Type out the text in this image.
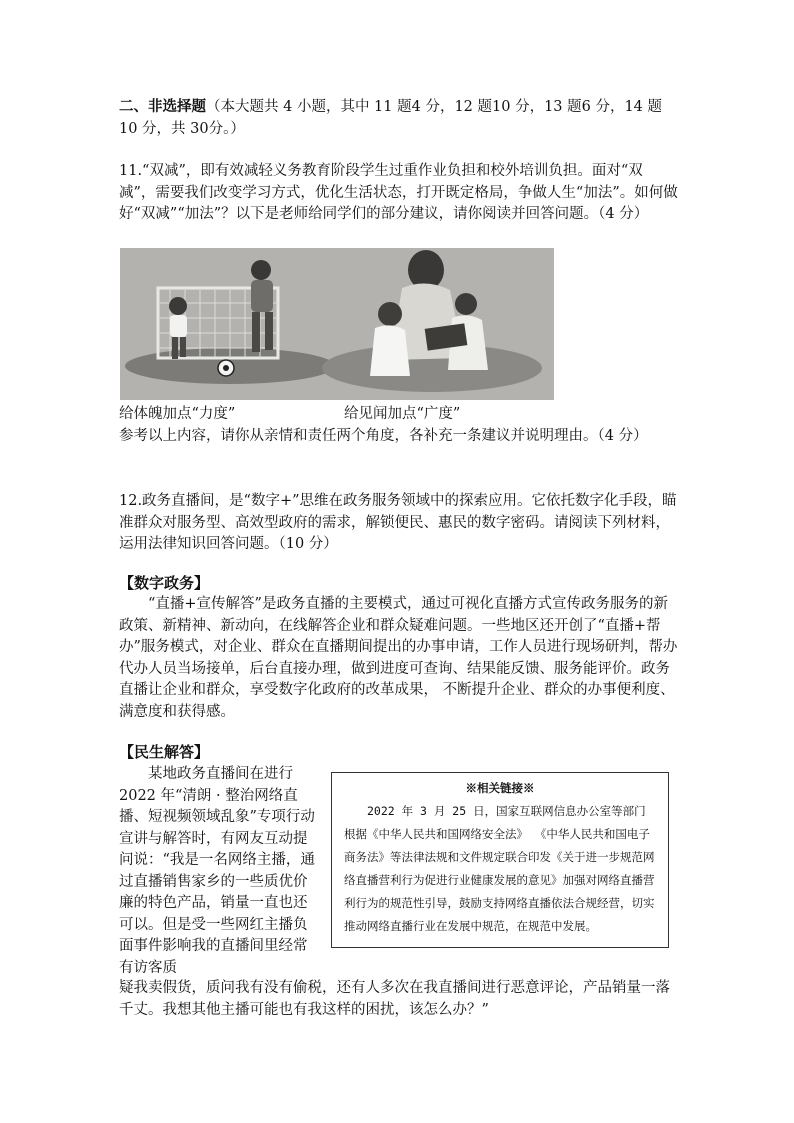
二、非选择题（本大题共 4 小题，其中 11 题4 分，12 题10 分，13 题6 分，14 题 10 分，共 30分。）

11.“双减”，即有效减轻义务教育阶段学生过重作业负担和校外培训负担。面对“双减”，需要我们改变学习方式，优化生活状态，打开既定格局，争做人生“加法”。如何做好“双减”“加法”？以下是老师给同学们的部分建议，请你阅读并回答问题。（4 分）

给体魄加点“力度”	给见闻加点“广度”

参考以上内容，请你从亲情和责任两个角度，各补充一条建议并说明理由。（4 分）

12.政务直播间，是“数字+”思维在政务服务领域中的探索应用。它依托数字化手段，瞄准群众对服务型、高效型政府的需求，解锁便民、惠民的数字密码。请阅读下列材料，运用法律知识回答问题。（10 分）

【数字政务】

“直播+宣传解答”是政务直播的主要模式，通过可视化直播方式宣传政务服务的新政策、新精神、新动向，在线解答企业和群众疑难问题。一些地区还开创了“直播+帮办”服务模式，对企业、群众在直播期间提出的办事申请，工作人员进行现场研判，帮办代办人员当场接单，后台直接办理，做到进度可查询、结果能反馈、服务能评价。政务直播让企业和群众，享受数字化政府的改革成果， 不断提升企业、群众的办事便利度、满意度和获得感。

【民生解答】

某地政务直播间在进行2022 年“清朗 · 整治网络直播、短视频领域乱象”专项行动宣讲与解答时，有网友互动提问说：“我是一名网络主播，通过直播销售家乡的一些质优价廉的特色产品，销量一直也还可以。但是受一些网红主播负面事件影响我的直播间里经常有访客质

疑我卖假货，质问我有没有偷税，还有人多次在我直播间进行恶意评论，产品销量一落千丈。我想其他主播可能也有我这样的困扰，该怎么办？”

※相关链接※
2022 年 3 月 25 日，国家互联网信息办公室等部门根据《中华人民共和国网络安全法》 《中华人民共和国电子商务法》等法律法规和文件规定联合印发《关于进一步规范网络直播营利行为促进行业健康发展的意见》加强对网络直播营利行为的规范性引导，鼓励支持网络直播依法合规经营，切实推动网络直播行业在发展中规范，在规范中发展。
